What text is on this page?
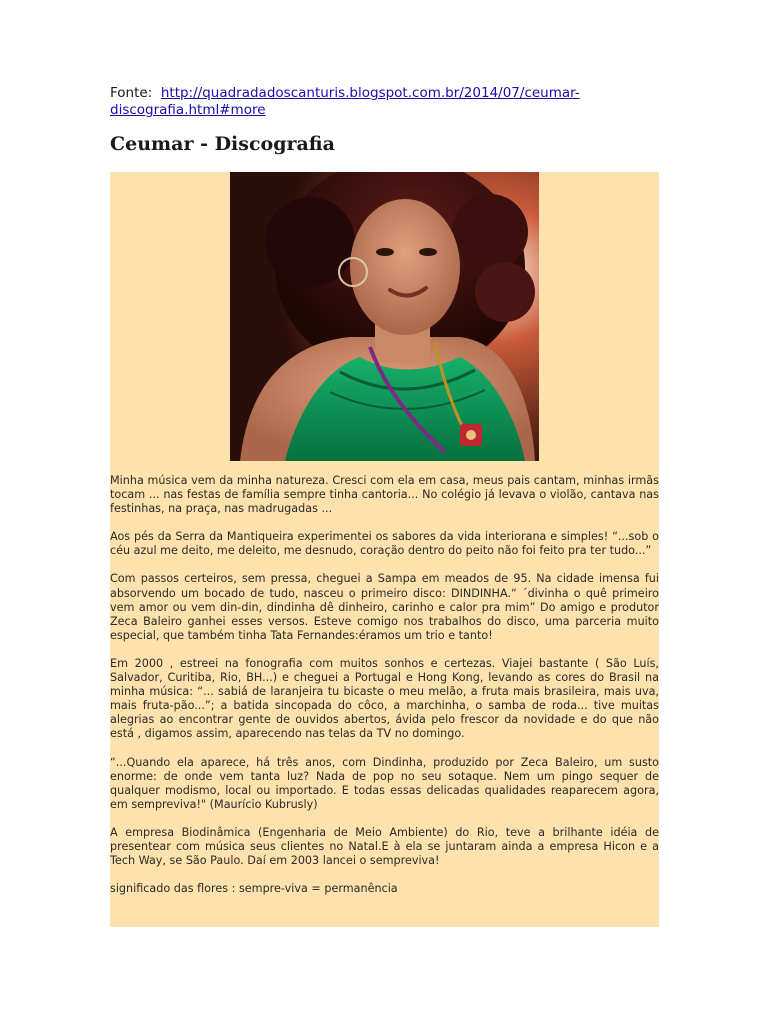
Fonte: http://quadradadoscanturis.blogspot.com.br/2014/07/ceumar-discografia.html#more
Ceumar - Discografia

Minha música vem da minha natureza. Cresci com ela em casa, meus pais cantam, minhas irmãs tocam ... nas festas de família sempre tinha cantoria... No colégio já levava o violão, cantava nas festinhas, na praça, nas madrugadas ...

Aos pés da Serra da Mantiqueira experimentei os sabores da vida interiorana e simples! “...sob o céu azul me deito, me deleito, me desnudo, coração dentro do peito não foi feito pra ter tudo...”

Com passos certeiros, sem pressa, cheguei a Sampa em meados de 95. Na cidade imensa fui absorvendo um bocado de tudo, nasceu o primeiro disco: DINDINHA.“ ´divinha o quê primeiro vem amor ou vem din-din, dindinha dê dinheiro, carinho e calor pra mim” Do amigo e produtor Zeca Baleiro ganhei esses versos. Esteve comigo nos trabalhos do disco, uma parceria muito especial, que também tinha Tata Fernandes:éramos um trio e tanto!

Em 2000 , estreei na fonografia com muitos sonhos e certezas. Viajei bastante ( São Luís, Salvador, Curitiba, Rio, BH...) e cheguei a Portugal e Hong Kong, levando as cores do Brasil na minha música: “... sabiá de laranjeira tu bicaste o meu melão, a fruta mais brasileira, mais uva, mais fruta-pão...”; a batida sincopada do côco, a marchinha, o samba de roda... tive muitas alegrias ao encontrar gente de ouvidos abertos, ávida pelo frescor da novidade e do que não está , digamos assim, aparecendo nas telas da TV no domingo.

“...Quando ela aparece, há três anos, com Dindinha, produzido por Zeca Baleiro, um susto enorme: de onde vem tanta luz? Nada de pop no seu sotaque. Nem um pingo sequer de qualquer modismo, local ou importado. E todas essas delicadas qualidades reaparecem agora, em sempreviva!" (Maurício Kubrusly)

A empresa Biodinâmica (Engenharia de Meio Ambiente) do Rio, teve a brilhante idéia de presentear com música seus clientes no Natal.E à ela se juntaram ainda a empresa Hicon e a Tech Way, se São Paulo. Daí em 2003 lancei o sempreviva!

significado das flores : sempre-viva = permanência
